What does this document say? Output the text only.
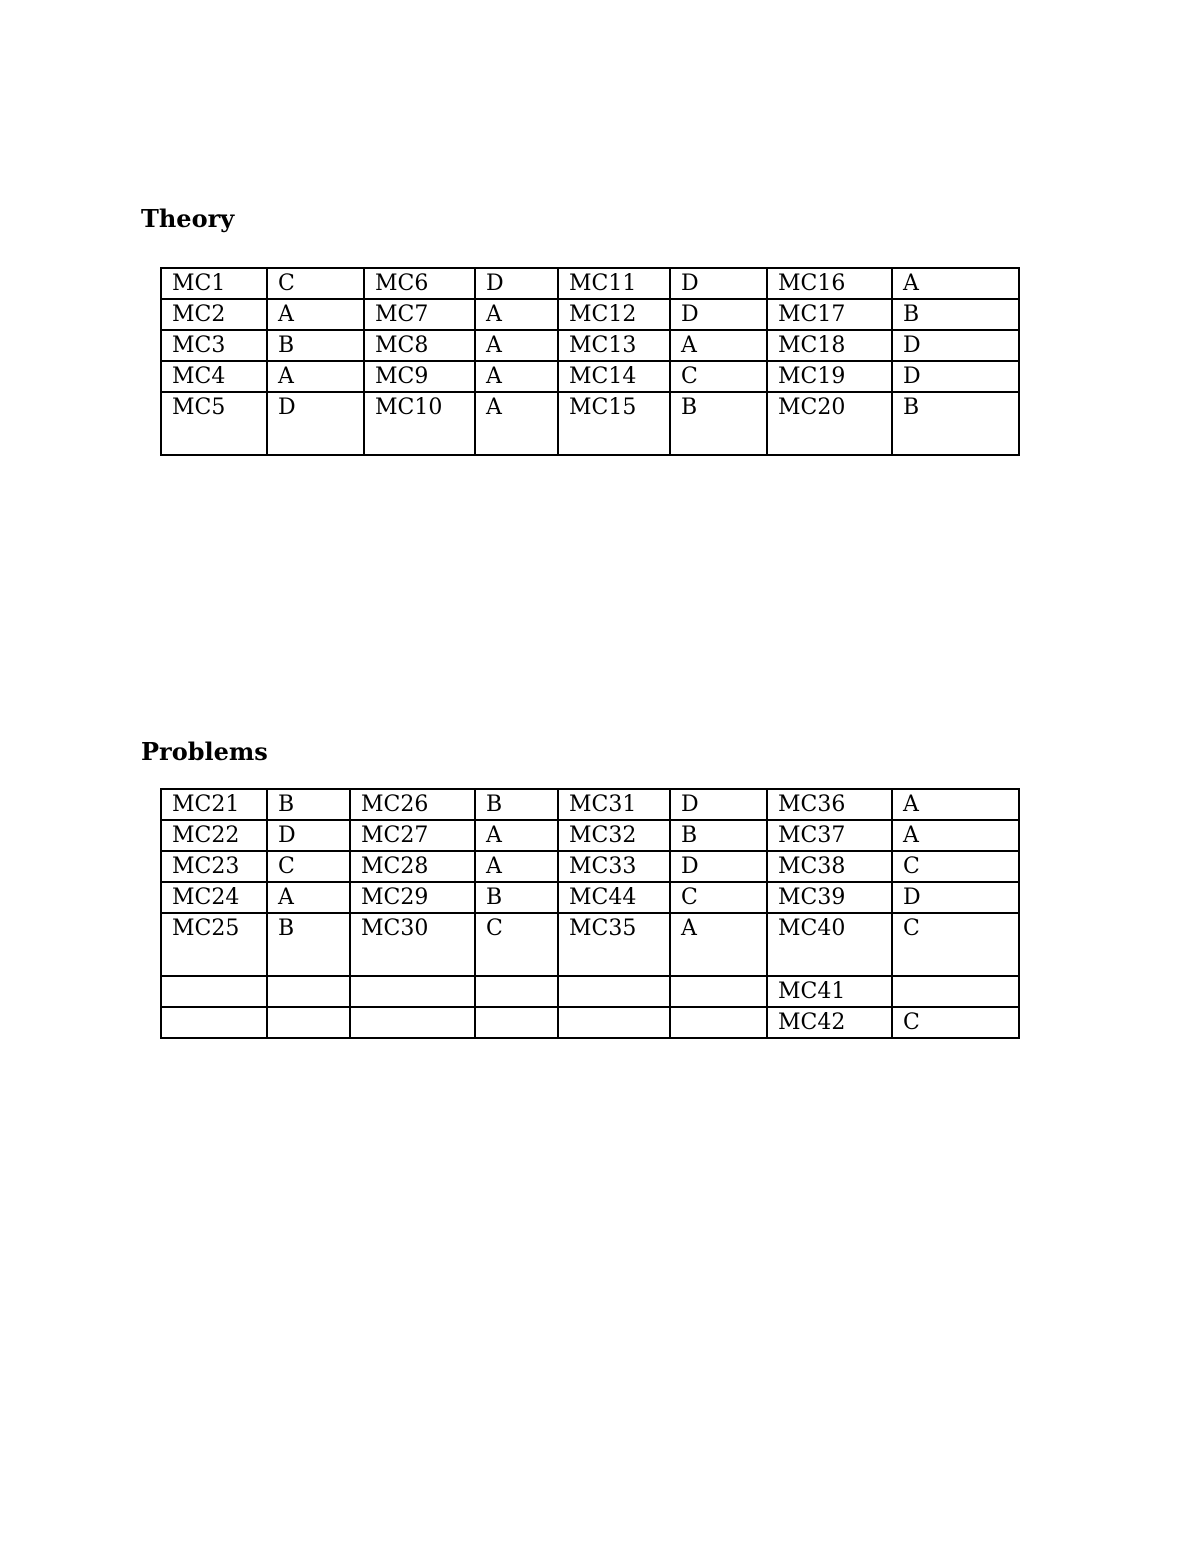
Theory
MC1	C	MC6	D	MC11	D	MC16	A
MC2	A	MC7	A	MC12	D	MC17	B
MC3	B	MC8	A	MC13	A	MC18	D
MC4	A	MC9	A	MC14	C	MC19	D
MC5	D	MC10	A	MC15	B	MC20	B
Problems
MC21	B	MC26	B	MC31	D	MC36	A
MC22	D	MC27	A	MC32	B	MC37	A
MC23	C	MC28	A	MC33	D	MC38	C
MC24	A	MC29	B	MC44	C	MC39	D
MC25	B	MC30	C	MC35	A	MC40	C
						MC41	
						MC42	C
